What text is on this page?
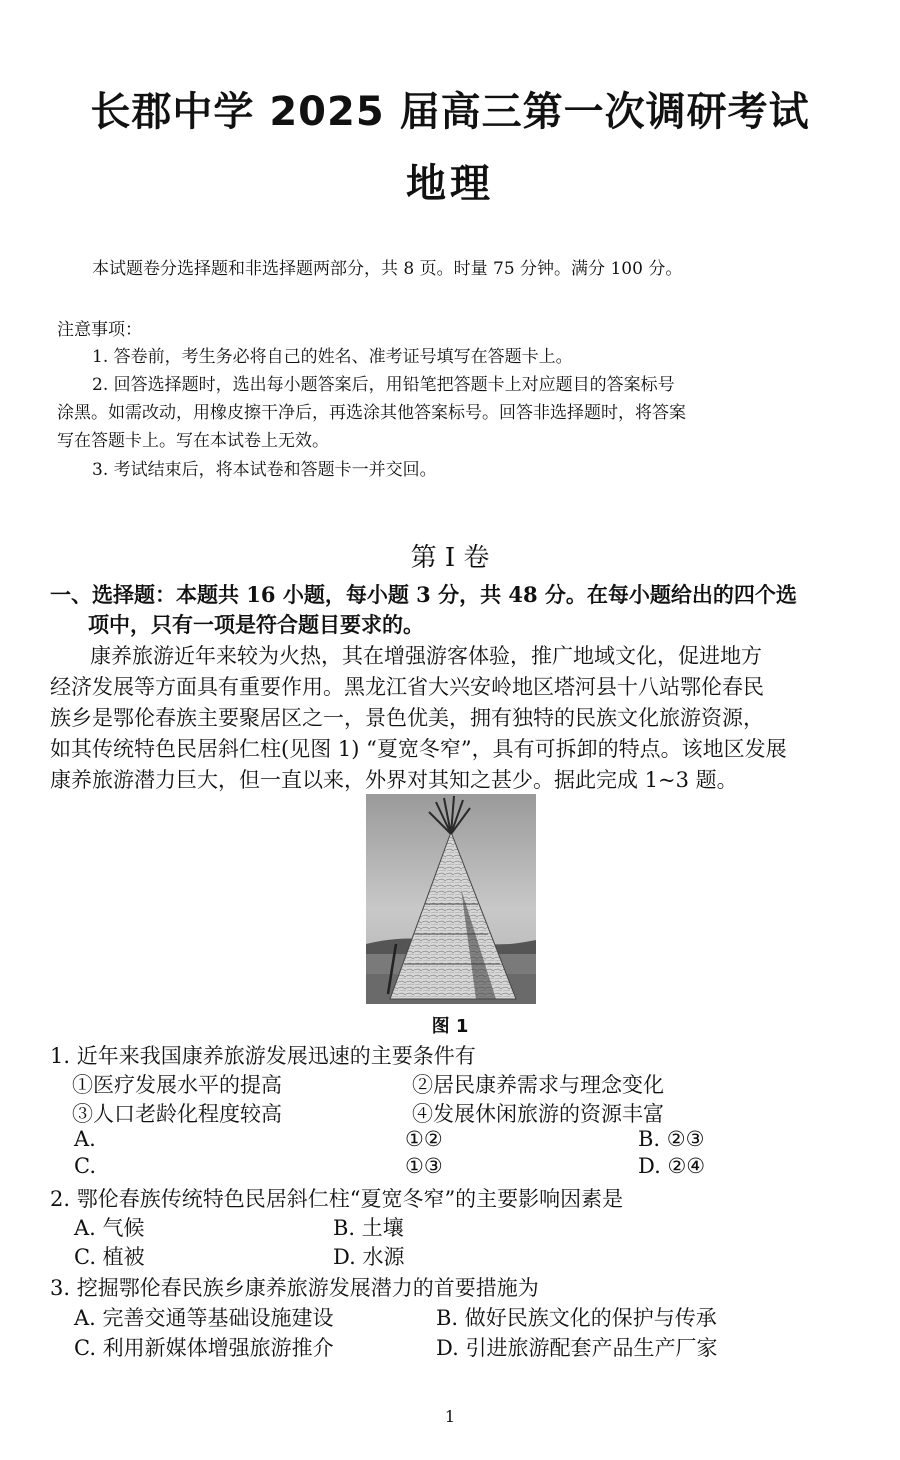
长郡中学 2025 届高三第一次调研考试
地理
本试题卷分选择题和非选择题两部分，共 8 页。时量 75 分钟。满分 100 分。
注意事项：
1. 答卷前，考生务必将自己的姓名、准考证号填写在答题卡上。
2. 回答选择题时，选出每小题答案后，用铅笔把答题卡上对应题目的答案标号
涂黑。如需改动，用橡皮擦干净后，再选涂其他答案标号。回答非选择题时，将答案
写在答题卡上。写在本试卷上无效。
3. 考试结束后，将本试卷和答题卡一并交回。
第 I 卷
一、选择题：本题共 16 小题，每小题 3 分，共 48 分。在每小题给出的四个选
项中，只有一项是符合题目要求的。
康养旅游近年来较为火热，其在增强游客体验，推广地域文化，促进地方
经济发展等方面具有重要作用。黑龙江省大兴安岭地区塔河县十八站鄂伦春民
族乡是鄂伦春族主要聚居区之一，景色优美，拥有独特的民族文化旅游资源，
如其传统特色民居斜仁柱(见图 1) “夏宽冬窄”，具有可拆卸的特点。该地区发展
康养旅游潜力巨大，但一直以来，外界对其知之甚少。据此完成 1~3 题。
图 1
1. 近年来我国康养旅游发展迅速的主要条件有
①医疗发展水平的提高	②居民康养需求与理念变化
③人口老龄化程度较高	④发展休闲旅游的资源丰富
A.	①②	B. ②③
C.	①③	D. ②④
2. 鄂伦春族传统特色民居斜仁柱“夏宽冬窄”的主要影响因素是
A. 气候	B. 土壤
C. 植被	D. 水源
3. 挖掘鄂伦春民族乡康养旅游发展潜力的首要措施为
A. 完善交通等基础设施建设	B. 做好民族文化的保护与传承
C. 利用新媒体增强旅游推介	D. 引进旅游配套产品生产厂家
1
